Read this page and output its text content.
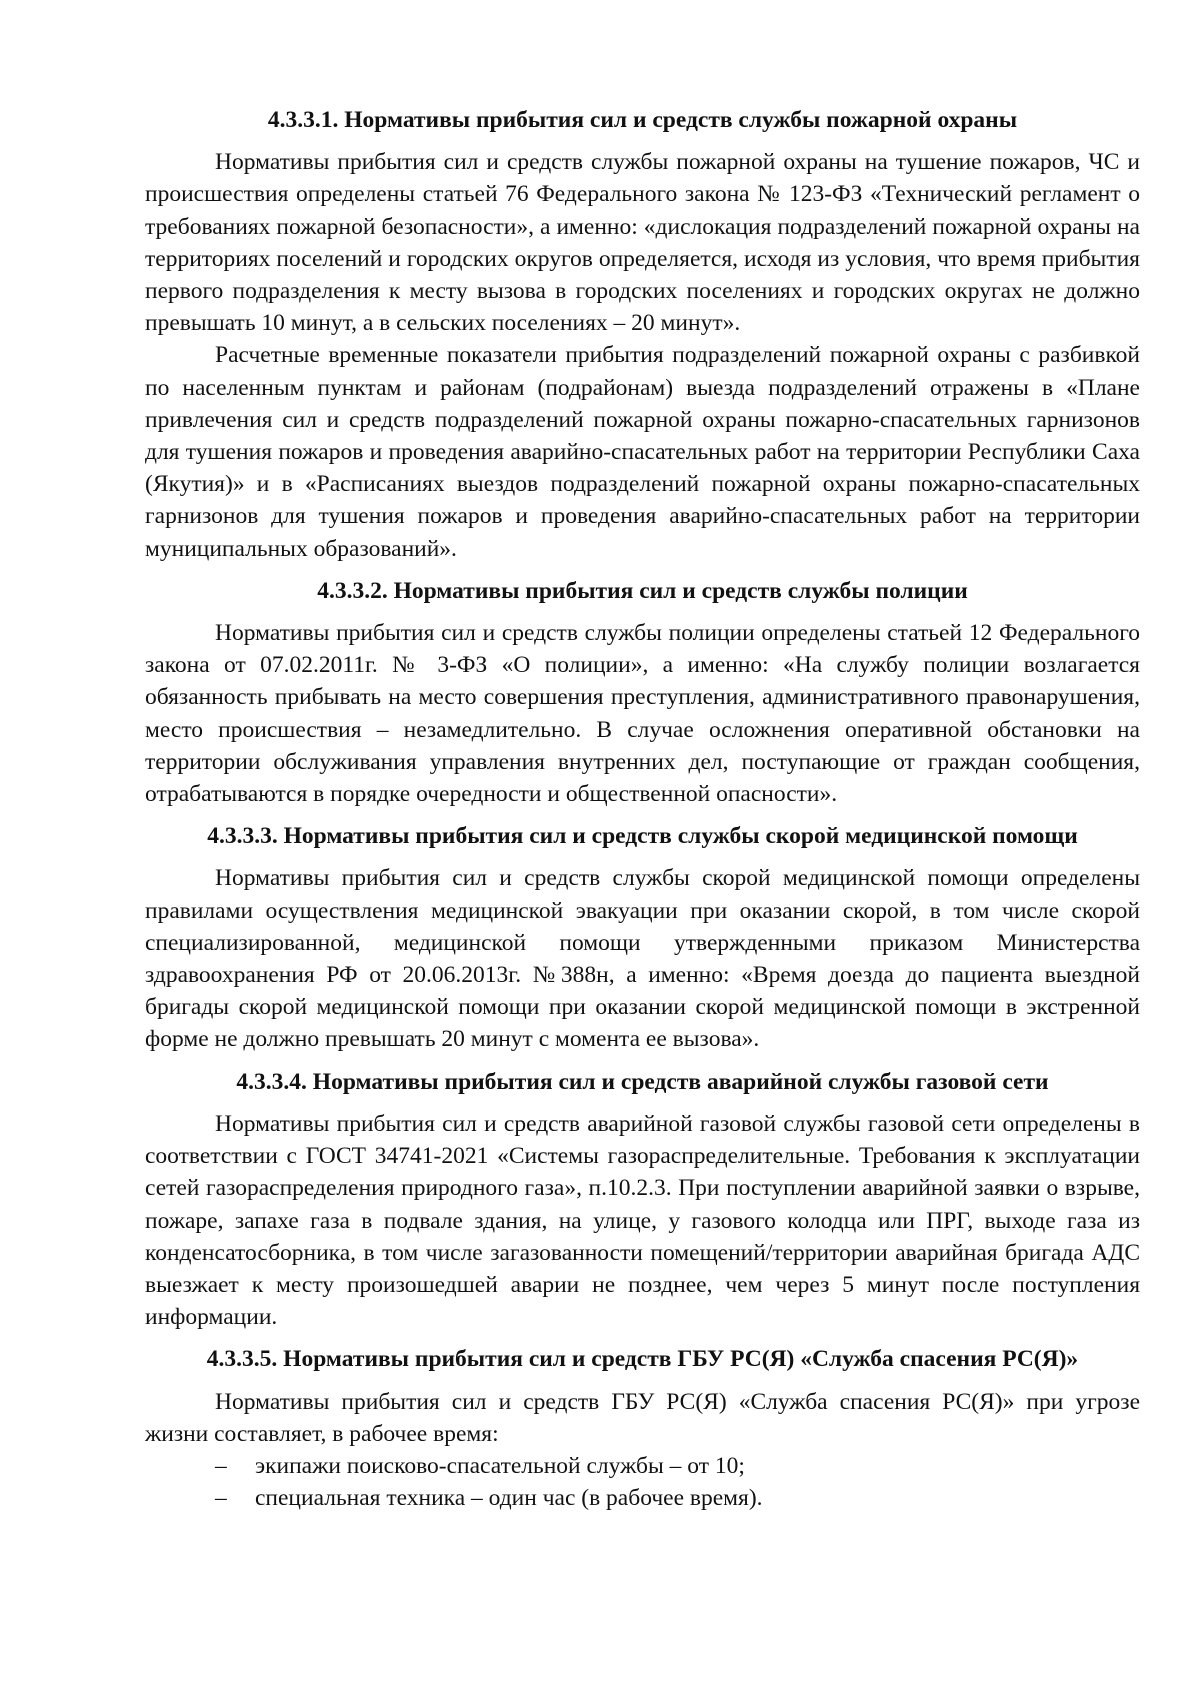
4.3.3.1. Нормативы прибытия сил и средств службы пожарной охраны

Нормативы прибытия сил и средств службы пожарной охраны на тушение пожаров, ЧС и происшествия определены статьей 76 Федерального закона № 123-ФЗ «Технический регламент о требованиях пожарной безопасности», а именно: «дислокация подразделений пожарной охраны на территориях поселений и городских округов определяется, исходя из условия, что время прибытия первого подразделения к месту вызова в городских поселениях и городских округах не должно превышать 10 минут, а в сельских поселениях – 20 минут».

Расчетные временные показатели прибытия подразделений пожарной охраны с разбивкой по населенным пунктам и районам (подрайонам) выезда подразделений отражены в «Плане привлечения сил и средств подразделений пожарной охраны пожарно-спасательных гарнизонов для тушения пожаров и проведения аварийно-спасательных работ на территории Республики Саха (Якутия)» и в «Расписаниях выездов подразделений пожарной охраны пожарно-спасательных гарнизонов для тушения пожаров и проведения аварийно-спасательных работ на территории муниципальных образований».

4.3.3.2. Нормативы прибытия сил и средств службы полиции

Нормативы прибытия сил и средств службы полиции определены статьей 12 Федерального закона от 07.02.2011г. № 3-ФЗ «О полиции», а именно: «На службу полиции возлагается обязанность прибывать на место совершения преступления, административного правонарушения, место происшествия – незамедлительно. В случае осложнения оперативной обстановки на территории обслуживания управления внутренних дел, поступающие от граждан сообщения, отрабатываются в порядке очередности и общественной опасности».

4.3.3.3. Нормативы прибытия сил и средств службы скорой медицинской помощи

Нормативы прибытия сил и средств службы скорой медицинской помощи определены правилами осуществления медицинской эвакуации при оказании скорой, в том числе скорой специализированной, медицинской помощи утвержденными приказом Министерства здравоохранения РФ от 20.06.2013г. №388н, а именно: «Время доезда до пациента выездной бригады скорой медицинской помощи при оказании скорой медицинской помощи в экстренной форме не должно превышать 20 минут с момента ее вызова».

4.3.3.4. Нормативы прибытия сил и средств аварийной службы газовой сети

Нормативы прибытия сил и средств аварийной газовой службы газовой сети определены в соответствии с ГОСТ 34741-2021 «Системы газораспределительные. Требования к эксплуатации сетей газораспределения природного газа», п.10.2.3. При поступлении аварийной заявки о взрыве, пожаре, запахе газа в подвале здания, на улице, у газового колодца или ПРГ, выходе газа из конденсатосборника, в том числе загазованности помещений/территории аварийная бригада АДС выезжает к месту произошедшей аварии не позднее, чем через 5 минут после поступления информации.

4.3.3.5. Нормативы прибытия сил и средств ГБУ РС(Я) «Служба спасения РС(Я)»

Нормативы прибытия сил и средств ГБУ РС(Я) «Служба спасения РС(Я)» при угрозе жизни составляет, в рабочее время:

– экипажи поисково-спасательной службы – от 10;
– специальная техника – один час (в рабочее время).
